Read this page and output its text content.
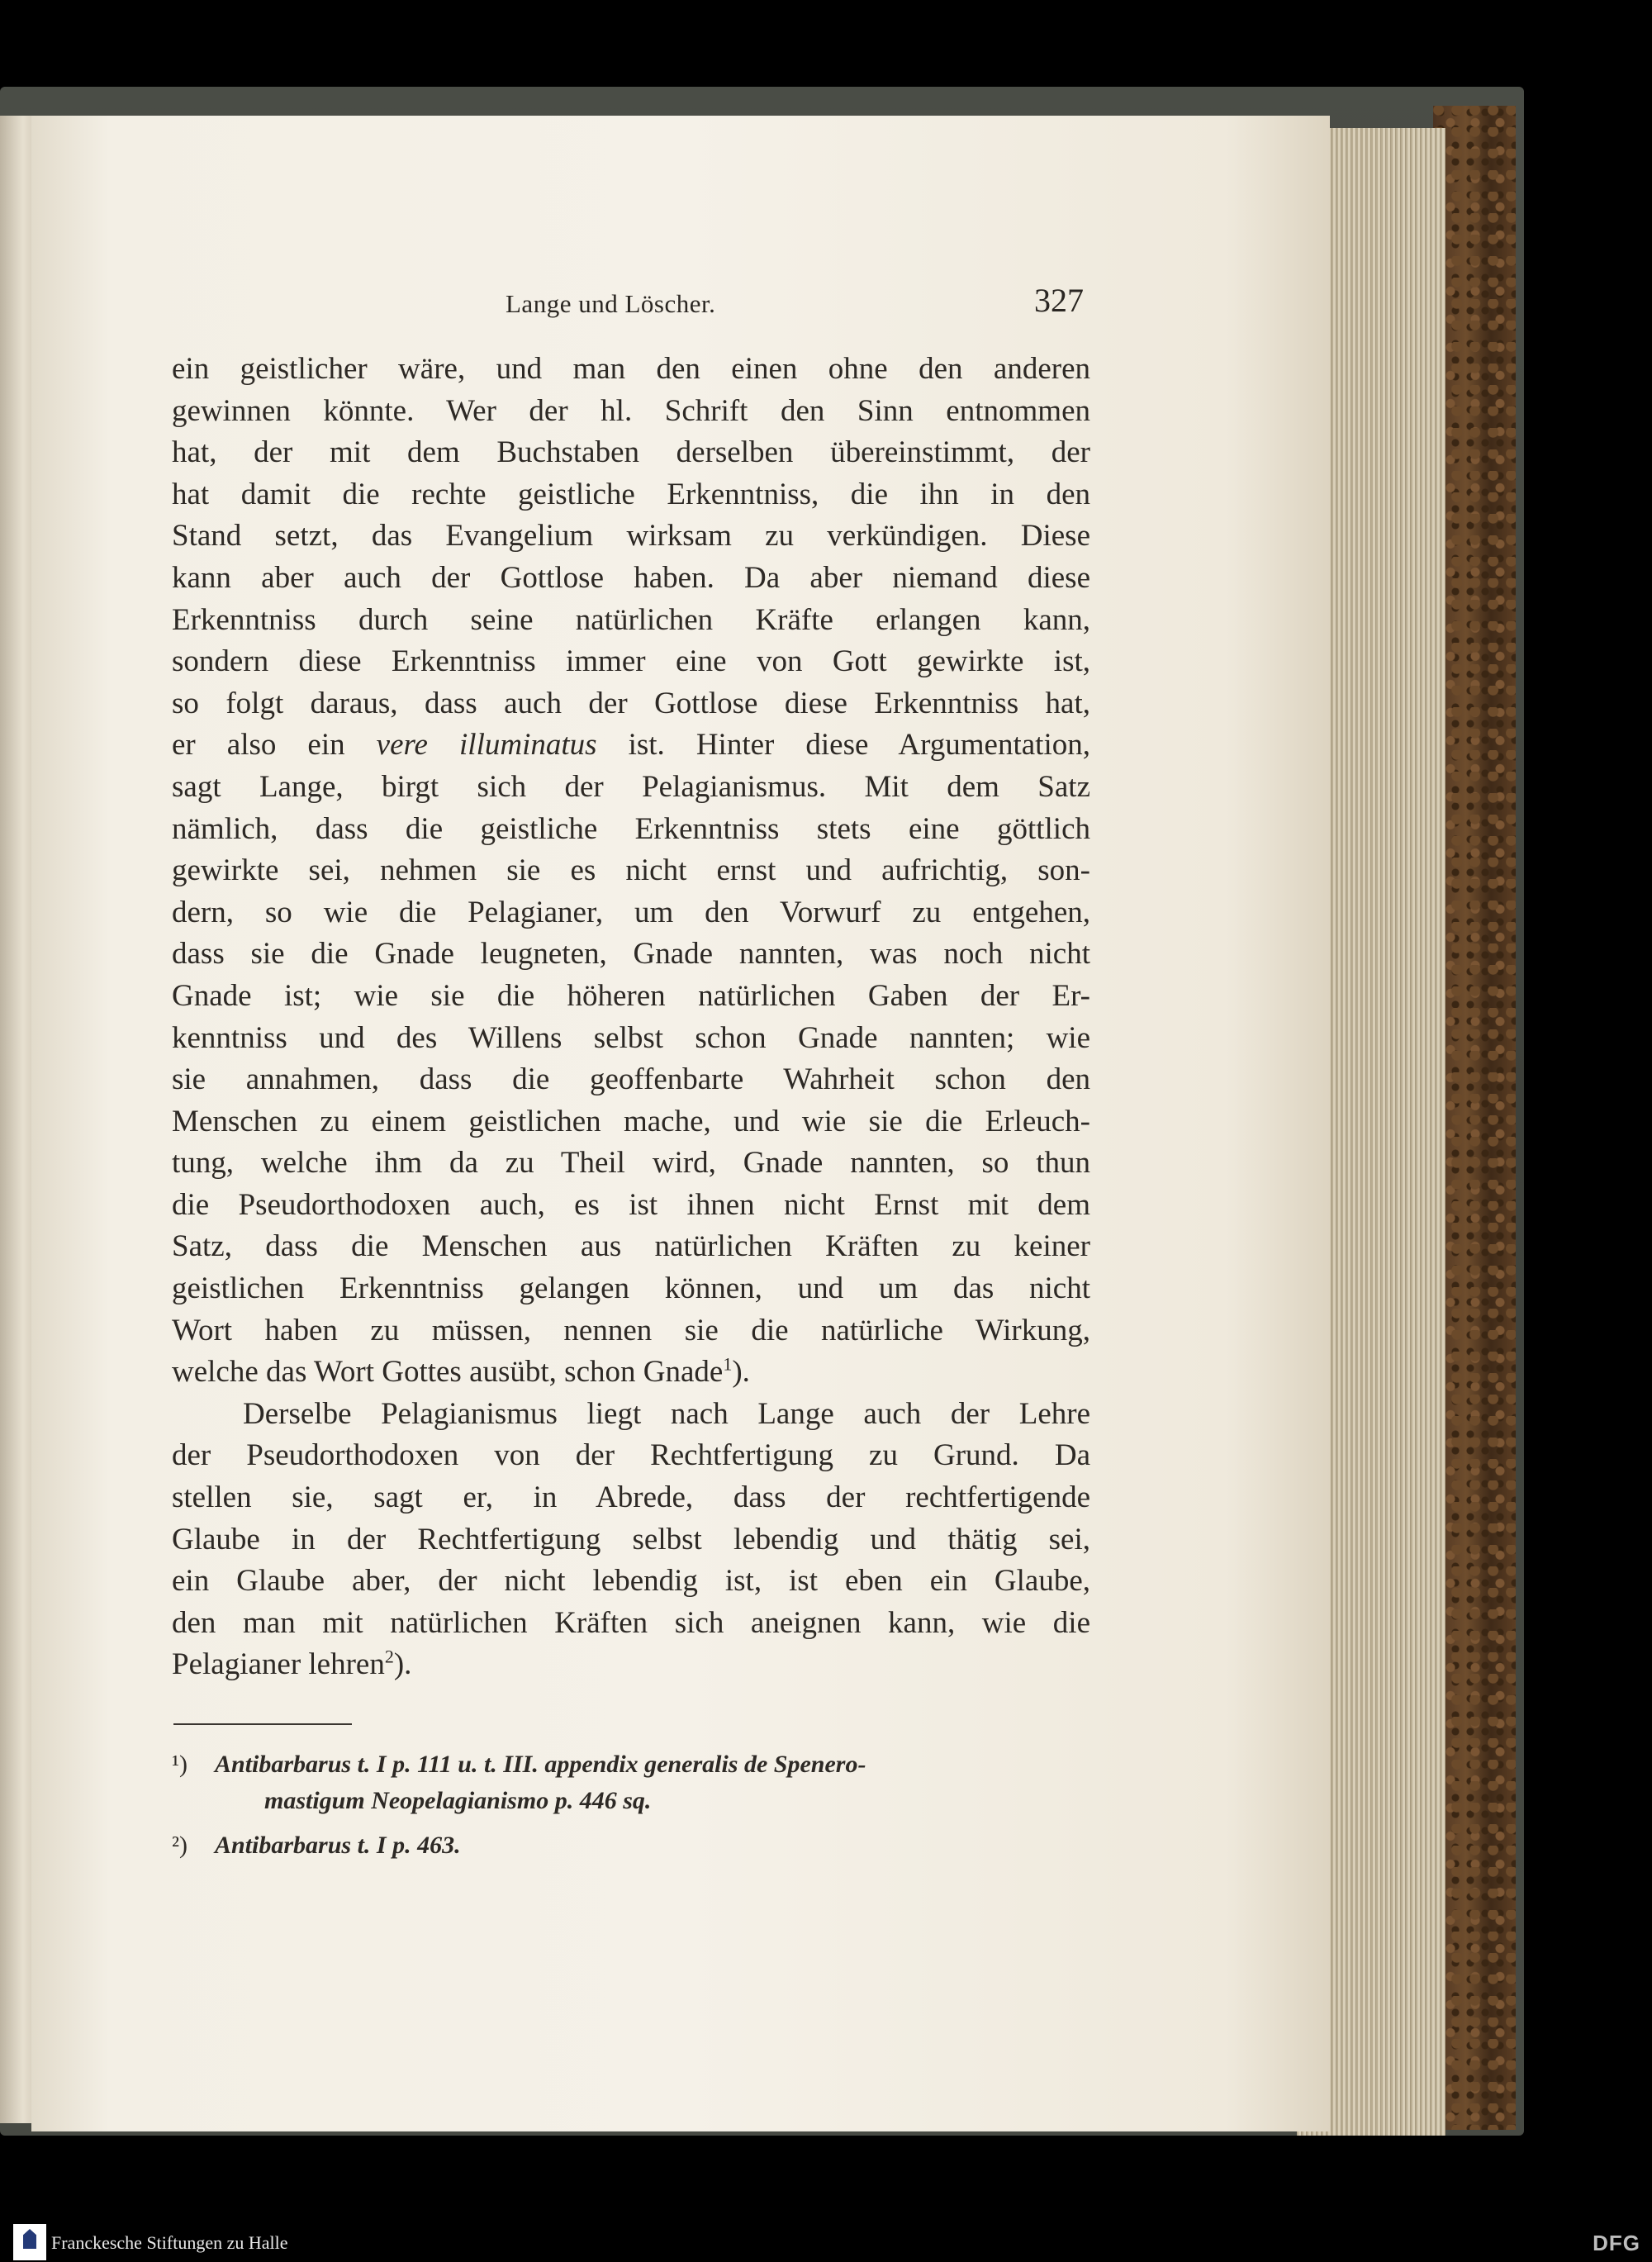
Lange und Löscher.	327
ein geistlicher wäre, und man den einen ohne den anderen
gewinnen könnte. Wer der hl. Schrift den Sinn entnommen
hat, der mit dem Buchstaben derselben übereinstimmt, der
hat damit die rechte geistliche Erkenntniss, die ihn in den
Stand setzt, das Evangelium wirksam zu verkündigen. Diese
kann aber auch der Gottlose haben. Da aber niemand diese
Erkenntniss durch seine natürlichen Kräfte erlangen kann,
sondern diese Erkenntniss immer eine von Gott gewirkte ist,
so folgt daraus, dass auch der Gottlose diese Erkenntniss hat,
er also ein vere illuminatus ist. Hinter diese Argumentation,
sagt Lange, birgt sich der Pelagianismus. Mit dem Satz
nämlich, dass die geistliche Erkenntniss stets eine göttlich
gewirkte sei, nehmen sie es nicht ernst und aufrichtig, son-
dern, so wie die Pelagianer, um den Vorwurf zu entgehen,
dass sie die Gnade leugneten, Gnade nannten, was noch nicht
Gnade ist; wie sie die höheren natürlichen Gaben der Er-
kenntniss und des Willens selbst schon Gnade nannten; wie
sie annahmen, dass die geoffenbarte Wahrheit schon den
Menschen zu einem geistlichen mache, und wie sie die Erleuch-
tung, welche ihm da zu Theil wird, Gnade nannten, so thun
die Pseudorthodoxen auch, es ist ihnen nicht Ernst mit dem
Satz, dass die Menschen aus natürlichen Kräften zu keiner
geistlichen Erkenntniss gelangen können, und um das nicht
Wort haben zu müssen, nennen sie die natürliche Wirkung,
welche das Wort Gottes ausübt, schon Gnade$^1$).
Derselbe Pelagianismus liegt nach Lange auch der Lehre
der Pseudorthodoxen von der Rechtfertigung zu Grund. Da
stellen sie, sagt er, in Abrede, dass der rechtfertigende
Glaube in der Rechtfertigung selbst lebendig und thätig sei,
ein Glaube aber, der nicht lebendig ist, ist eben ein Glaube,
den man mit natürlichen Kräften sich aneignen kann, wie die
Pelagianer lehren$^2$).
¹) Antibarbarus t. I p. 111 u. t. III. appendix generalis de Spenero-
mastigum Neopelagianismo p. 446 sq.
²) Antibarbarus t. I p. 463.
Franckesche Stiftungen zu Halle	DFG
